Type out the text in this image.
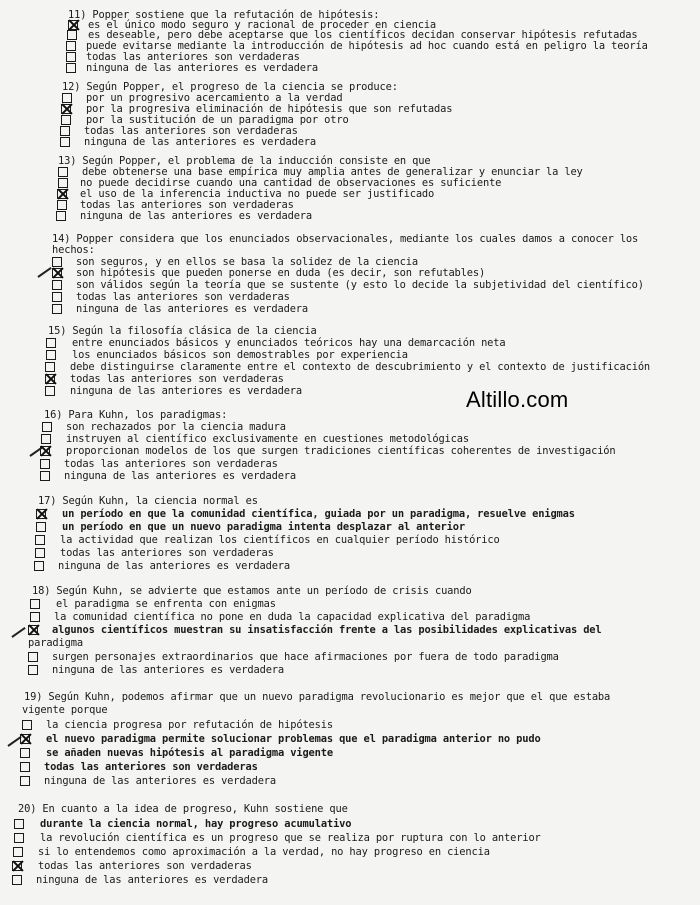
11) Popper sostiene que la refutación de hipótesis:
es el único modo seguro y racional de proceder en ciencia
es deseable, pero debe aceptarse que los científicos decidan conservar hipótesis refutadas
puede evitarse mediante la introducción de hipótesis ad hoc cuando está en peligro la teoría
todas las anteriores son verdaderas
ninguna de las anteriores es verdadera
12) Según Popper, el progreso de la ciencia se produce:
por un progresivo acercamiento a la verdad
por la progresiva eliminación de hipótesis que son refutadas
por la sustitución de un paradigma por otro
todas las anteriores son verdaderas
ninguna de las anteriores es verdadera
13) Según Popper, el problema de la inducción consiste en que
debe obtenerse una base empírica muy amplia antes de generalizar y enunciar la ley
no puede decidirse cuando una cantidad de observaciones es suficiente
el uso de la inferencia inductiva no puede ser justificado
todas las anteriores son verdaderas
ninguna de las anteriores es verdadera
14) Popper considera que los enunciados observacionales, mediante los cuales damos a conocer los
hechos:
son seguros, y en ellos se basa la solidez de la ciencia
son hipótesis que pueden ponerse en duda (es decir, son refutables)
son válidos según la teoría que se sustente (y esto lo decide la subjetividad del científico)
todas las anteriores son verdaderas
ninguna de las anteriores es verdadera
15) Según la filosofía clásica de la ciencia
entre enunciados básicos y enunciados teóricos hay una demarcación neta
los enunciados básicos son demostrables por experiencia
debe distinguirse claramente entre el contexto de descubrimiento y el contexto de justificación
todas las anteriores son verdaderas
ninguna de las anteriores es verdadera	Altillo.com
16) Para Kuhn, los paradigmas:
son rechazados por la ciencia madura
instruyen al científico exclusivamente en cuestiones metodológicas
proporcionan modelos de los que surgen tradiciones científicas coherentes de investigación
todas las anteriores son verdaderas
ninguna de las anteriores es verdadera
17) Según Kuhn, la ciencia normal es
un período en que la comunidad científica, guiada por un paradigma, resuelve enigmas
un período en que un nuevo paradigma intenta desplazar al anterior
la actividad que realizan los científicos en cualquier período histórico
todas las anteriores son verdaderas
ninguna de las anteriores es verdadera
18) Según Kuhn, se advierte que estamos ante un período de crisis cuando
el paradigma se enfrenta con enigmas
la comunidad científica no pone en duda la capacidad explicativa del paradigma
algunos científicos muestran su insatisfacción frente a las posibilidades explicativas del
paradigma
surgen personajes extraordinarios que hace afirmaciones por fuera de todo paradigma
ninguna de las anteriores es verdadera
19) Según Kuhn, podemos afirmar que un nuevo paradigma revolucionario es mejor que el que estaba
vigente porque
la ciencia progresa por refutación de hipótesis
el nuevo paradigma permite solucionar problemas que el paradigma anterior no pudo
se añaden nuevas hipótesis al paradigma vigente
todas las anteriores son verdaderas
ninguna de las anteriores es verdadera
20) En cuanto a la idea de progreso, Kuhn sostiene que
durante la ciencia normal, hay progreso acumulativo
la revolución científica es un progreso que se realiza por ruptura con lo anterior
si lo entendemos como aproximación a la verdad, no hay progreso en ciencia
todas las anteriores son verdaderas
ninguna de las anteriores es verdadera
